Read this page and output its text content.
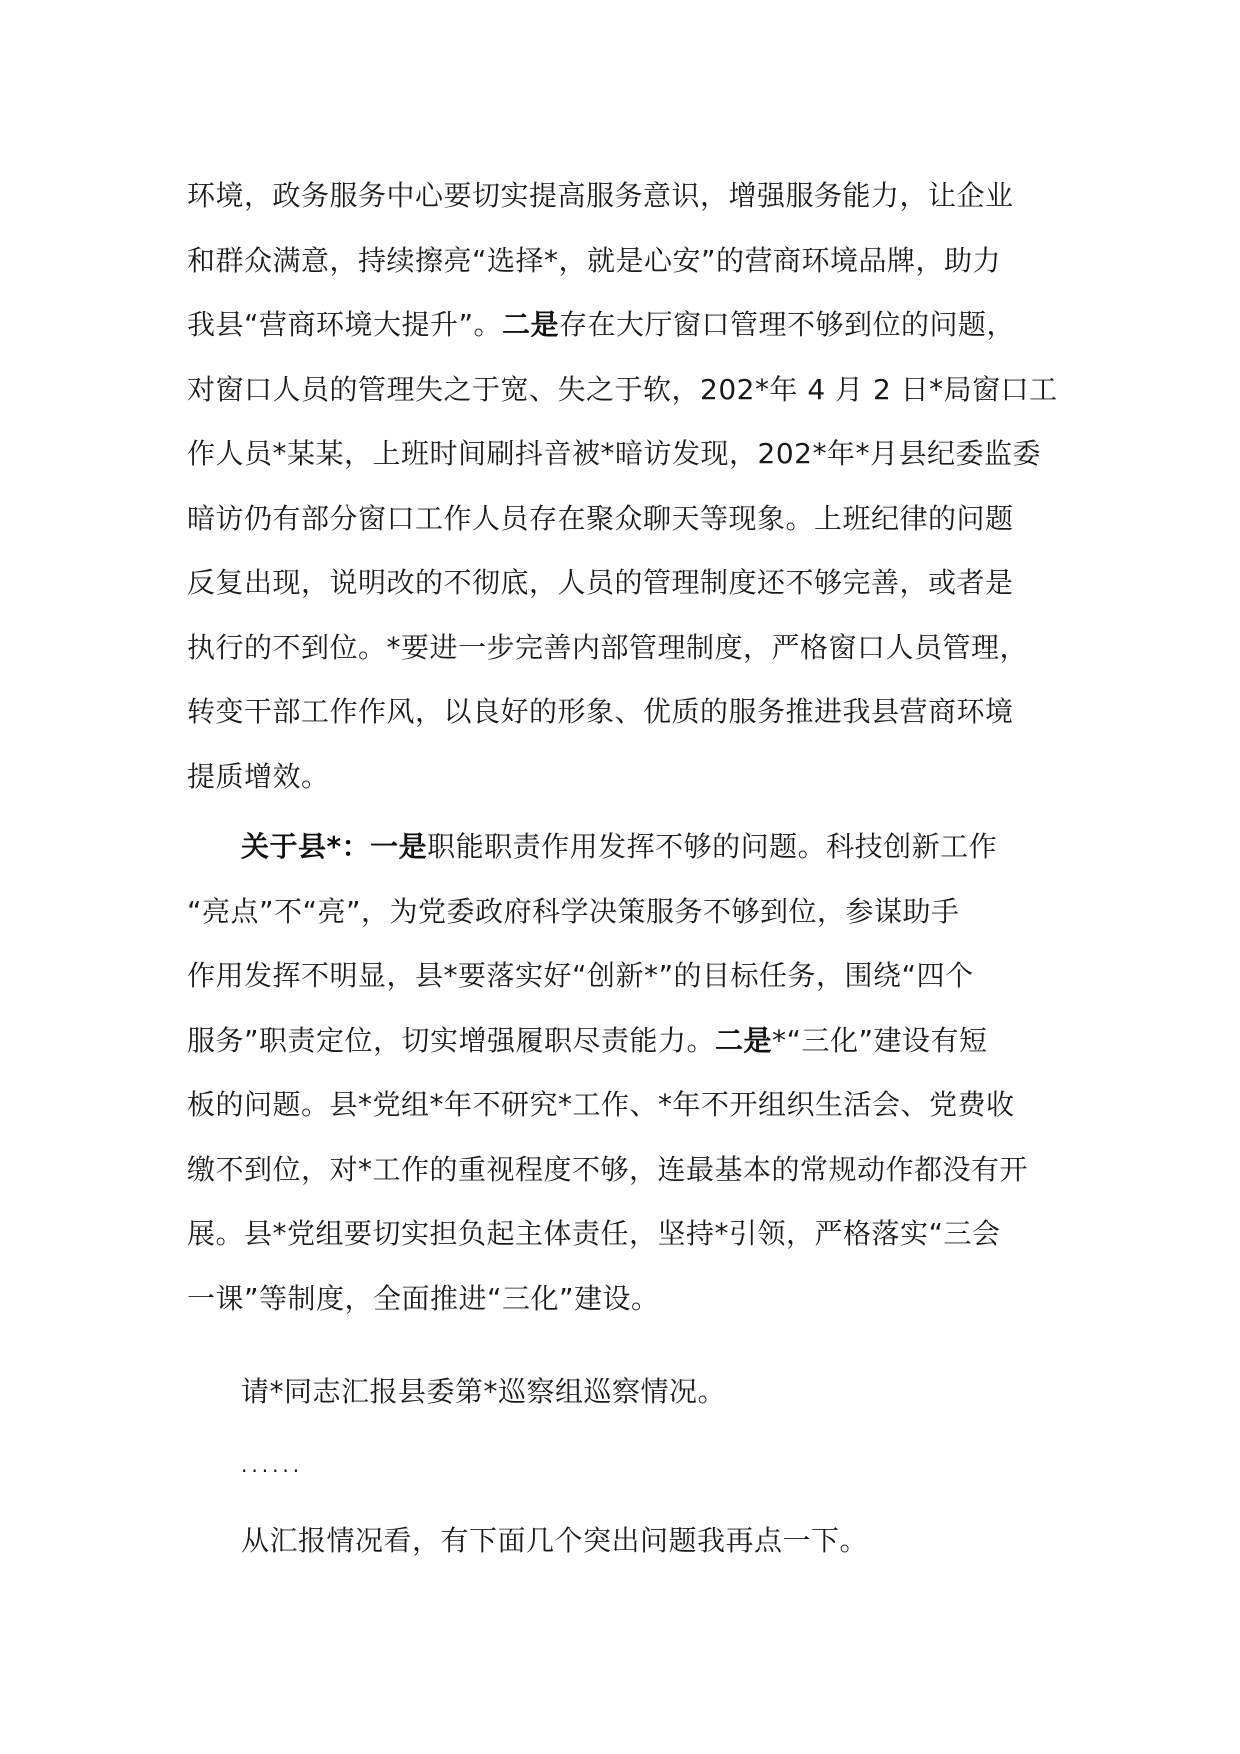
环境，政务服务中心要切实提高服务意识，增强服务能力，让企业
和群众满意，持续擦亮“选择*，就是心安”的营商环境品牌，助力
我县“营商环境大提升”。二是存在大厅窗口管理不够到位的问题，
对窗口人员的管理失之于宽、失之于软，202*年 4 月 2 日*局窗口工
作人员*某某，上班时间刷抖音被*暗访发现，202*年*月县纪委监委
暗访仍有部分窗口工作人员存在聚众聊天等现象。上班纪律的问题
反复出现，说明改的不彻底，人员的管理制度还不够完善，或者是
执行的不到位。*要进一步完善内部管理制度，严格窗口人员管理，
转变干部工作作风，以良好的形象、优质的服务推进我县营商环境
提质增效。
关于县*：一是职能职责作用发挥不够的问题。科技创新工作
“亮点”不“亮”，为党委政府科学决策服务不够到位，参谋助手
作用发挥不明显，县*要落实好“创新*”的目标任务，围绕“四个
服务”职责定位，切实增强履职尽责能力。二是*“三化”建设有短
板的问题。县*党组*年不研究*工作、*年不开组织生活会、党费收
缴不到位，对*工作的重视程度不够，连最基本的常规动作都没有开
展。县*党组要切实担负起主体责任，坚持*引领，严格落实“三会
一课”等制度，全面推进“三化”建设。
请*同志汇报县委第*巡察组巡察情况。
......
从汇报情况看，有下面几个突出问题我再点一下。
